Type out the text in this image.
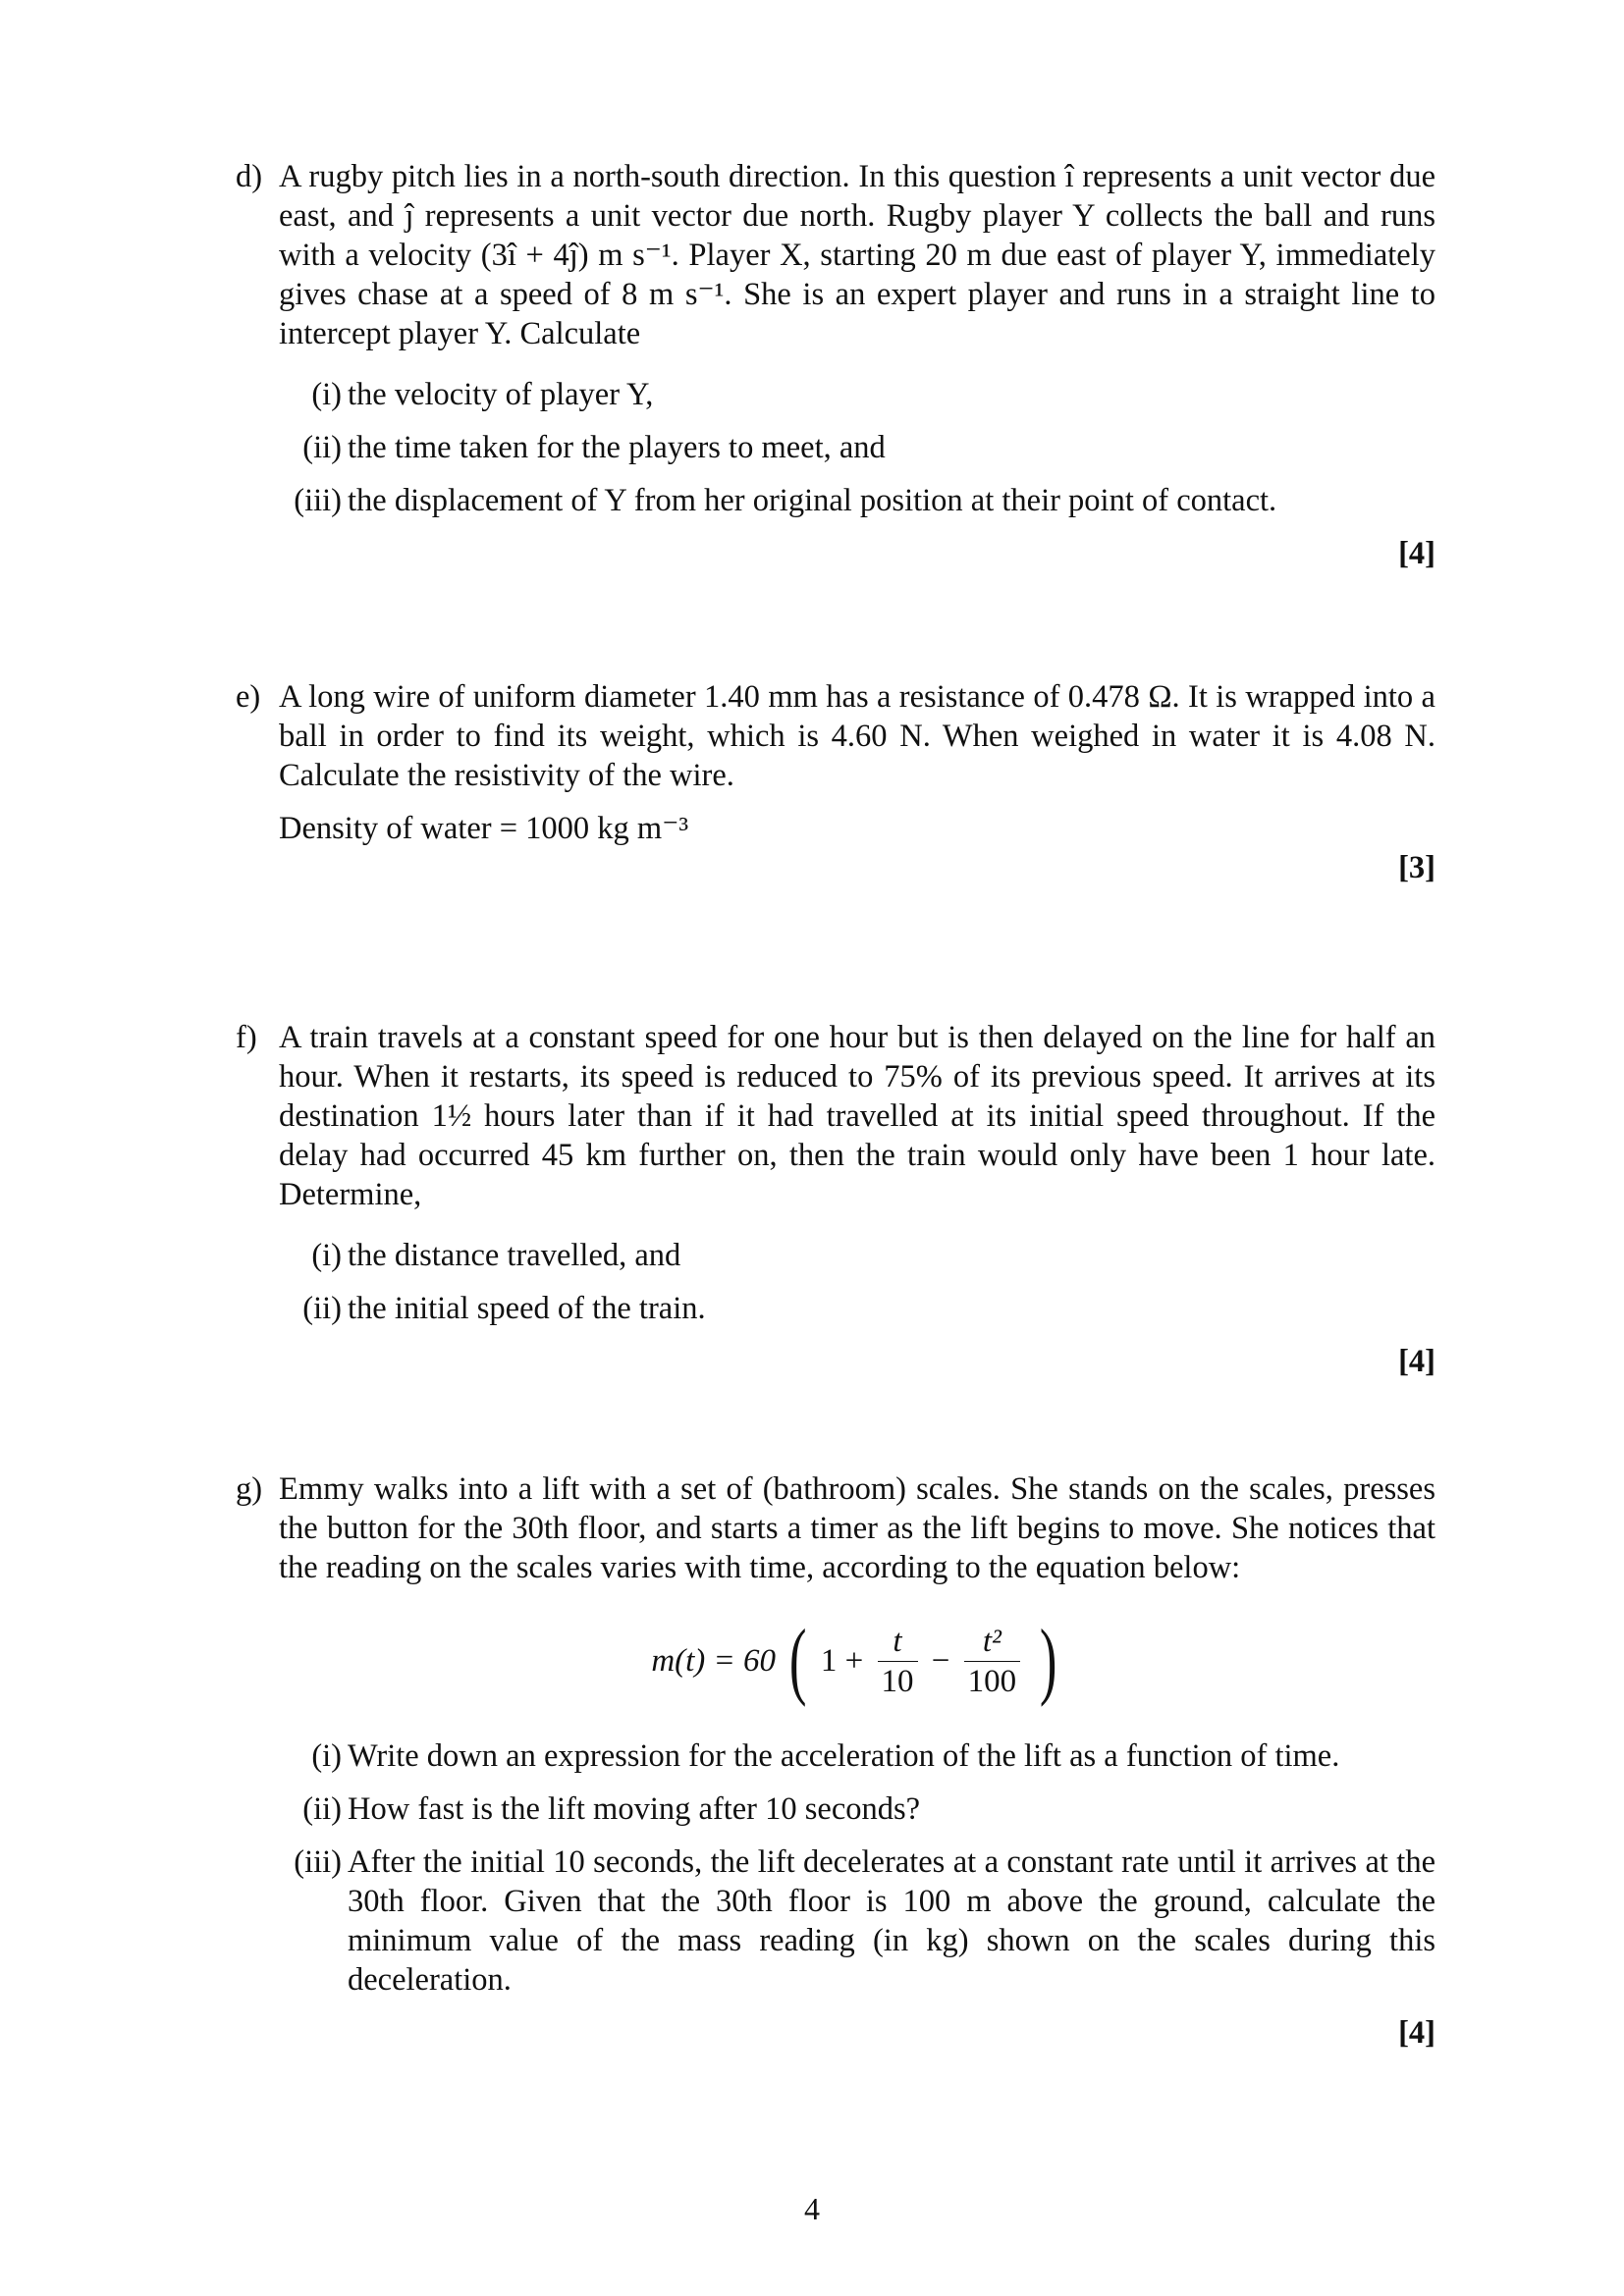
d) A rugby pitch lies in a north-south direction. In this question î represents a unit vector due east, and ĵ represents a unit vector due north. Rugby player Y collects the ball and runs with a velocity (3î + 4ĵ) m s⁻¹. Player X, starting 20 m due east of player Y, immediately gives chase at a speed of 8 m s⁻¹. She is an expert player and runs in a straight line to intercept player Y. Calculate
(i) the velocity of player Y,
(ii) the time taken for the players to meet, and
(iii) the displacement of Y from her original position at their point of contact.
[4]
e) A long wire of uniform diameter 1.40 mm has a resistance of 0.478 Ω. It is wrapped into a ball in order to find its weight, which is 4.60 N. When weighed in water it is 4.08 N. Calculate the resistivity of the wire.
Density of water = 1000 kg m⁻³
[3]
f) A train travels at a constant speed for one hour but is then delayed on the line for half an hour. When it restarts, its speed is reduced to 75% of its previous speed. It arrives at its destination 1½ hours later than if it had travelled at its initial speed throughout. If the delay had occurred 45 km further on, then the train would only have been 1 hour late. Determine,
(i) the distance travelled, and
(ii) the initial speed of the train.
[4]
g) Emmy walks into a lift with a set of (bathroom) scales. She stands on the scales, presses the button for the 30th floor, and starts a timer as the lift begins to move. She notices that the reading on the scales varies with time, according to the equation below:
m(t) = 60 ( $1 + \frac{t}{10} - \frac{\text{t²}}{100}$ )
(i) Write down an expression for the acceleration of the lift as a function of time.
(ii) How fast is the lift moving after 10 seconds?
(iii) After the initial 10 seconds, the lift decelerates at a constant rate until it arrives at the 30th floor. Given that the 30th floor is 100 m above the ground, calculate the minimum value of the mass reading (in kg) shown on the scales during this deceleration.
[4]
4
